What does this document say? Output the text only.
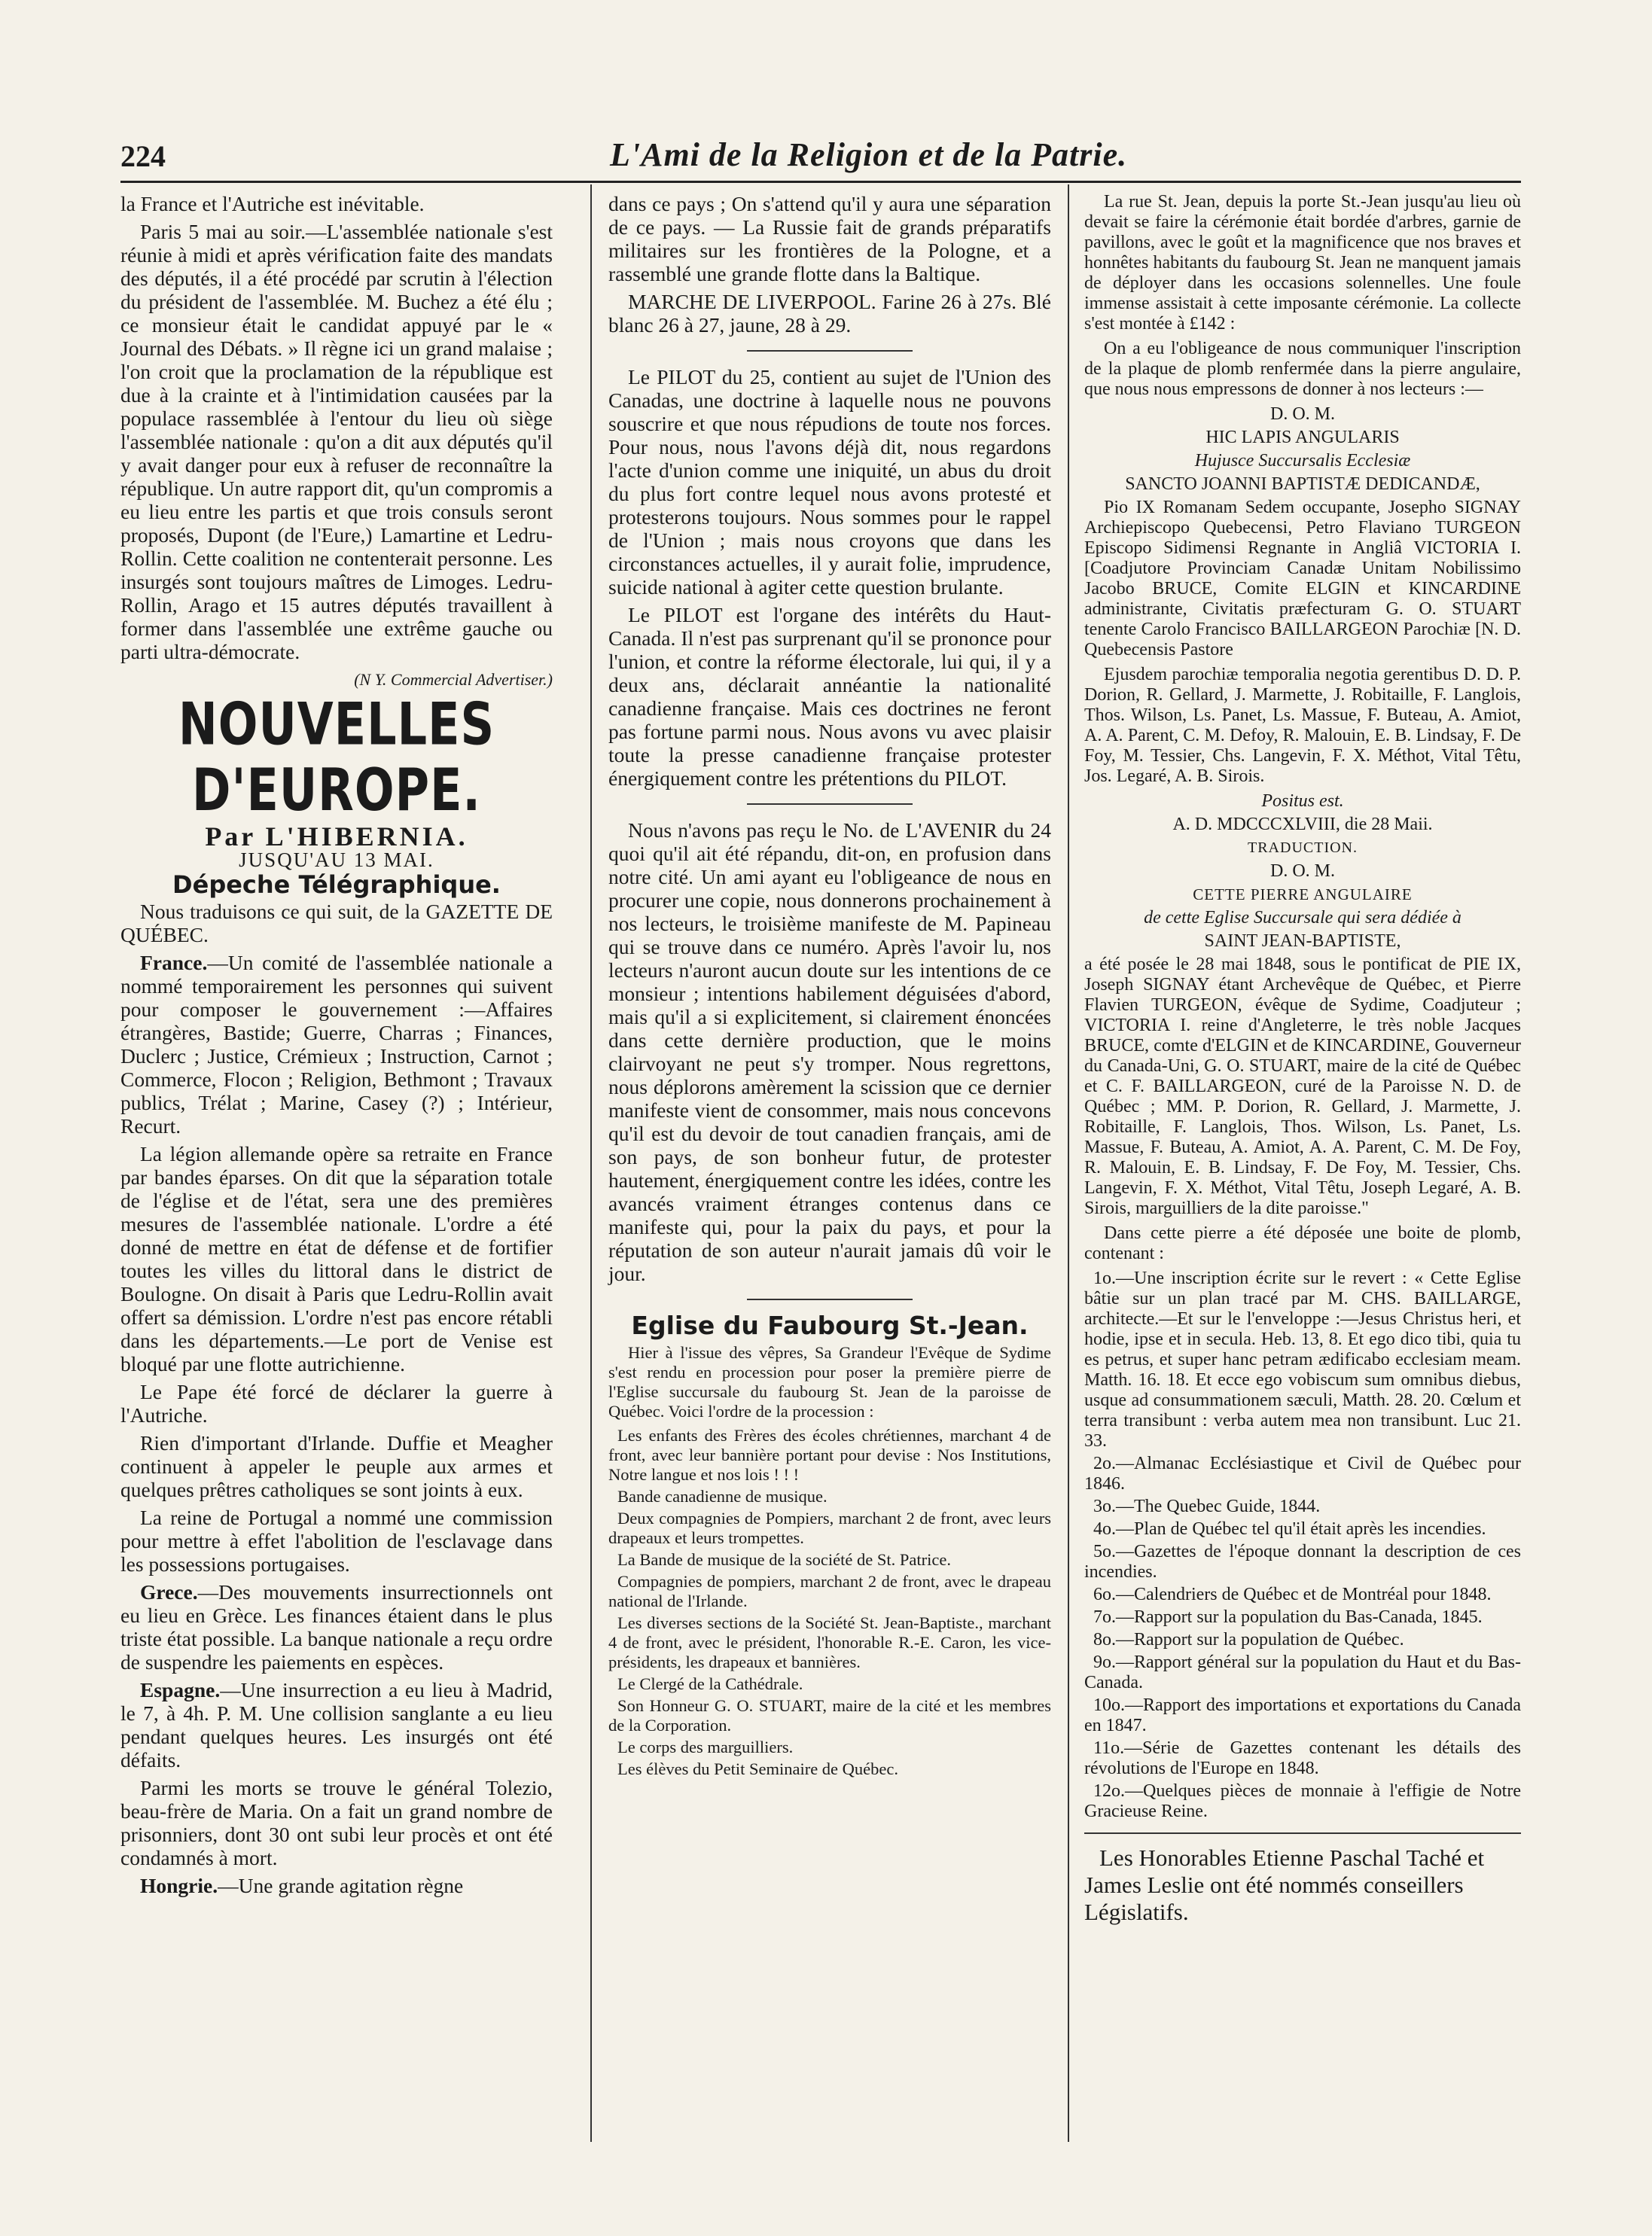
224	L'Ami de la Religion et de la Patrie.

la France et l'Autriche est inévitable.

Paris 5 mai au soir.—L'assemblée nationale s'est réunie à midi et après vérification faite des mandats des députés, il a été procédé par scrutin à l'élection du président de l'assemblée. M. Buchez a été élu ; ce monsieur était le candidat appuyé par le « Journal des Débats. » Il règne ici un grand malaise ; l'on croit que la proclamation de la république est due à la crainte et à l'intimidation causées par la populace rassemblée à l'entour du lieu où siège l'assemblée nationale : qu'on a dit aux députés qu'il y avait danger pour eux à refuser de reconnaître la république. Un autre rapport dit, qu'un compromis a eu lieu entre les partis et que trois consuls seront proposés, Dupont (de l'Eure,) Lamartine et Ledru-Rollin. Cette coalition ne contenterait personne. Les insurgés sont toujours maîtres de Limoges. Ledru-Rollin, Arago et 15 autres députés travaillent à former dans l'assemblée une extrême gauche ou parti ultra-démocrate.

(N Y. Commercial Advertiser.)
NOUVELLES D'EUROPE.
Par L'HIBERNIA.
JUSQU'AU 13 MAI.
Dépeche Télégraphique.

Nous traduisons ce qui suit, de la GAZETTE DE QUÉBEC.

France.—Un comité de l'assemblée nationale a nommé temporairement les personnes qui suivent pour composer le gouvernement :—Affaires étrangères, Bastide; Guerre, Charras ; Finances, Duclerc ; Justice, Crémieux ; Instruction, Carnot ; Commerce, Flocon ; Religion, Bethmont ; Travaux publics, Trélat ; Marine, Casey (?) ; Intérieur, Recurt.

La légion allemande opère sa retraite en France par bandes éparses. On dit que la séparation totale de l'église et de l'état, sera une des premières mesures de l'assemblée nationale. L'ordre a été donné de mettre en état de défense et de fortifier toutes les villes du littoral dans le district de Boulogne. On disait à Paris que Ledru-Rollin avait offert sa démission. L'ordre n'est pas encore rétabli dans les départements.—Le port de Venise est bloqué par une flotte autrichienne.

Le Pape été forcé de déclarer la guerre à l'Autriche.

Rien d'important d'Irlande. Duffie et Meagher continuent à appeler le peuple aux armes et quelques prêtres catholiques se sont joints à eux.

La reine de Portugal a nommé une commission pour mettre à effet l'abolition de l'esclavage dans les possessions portugaises.

Grece.—Des mouvements insurrectionnels ont eu lieu en Grèce. Les finances étaient dans le plus triste état possible. La banque nationale a reçu ordre de suspendre les paiements en espèces.

Espagne.—Une insurrection a eu lieu à Madrid, le 7, à 4h. P. M. Une collision sanglante a eu lieu pendant quelques heures. Les insurgés ont été défaits.

Parmi les morts se trouve le général Tolezio, beau-frère de Maria. On a fait un grand nombre de prisonniers, dont 30 ont subi leur procès et ont été condamnés à mort.

Hongrie.—Une grande agitation règne

dans ce pays ; On s'attend qu'il y aura une séparation de ce pays. — La Russie fait de grands préparatifs militaires sur les frontières de la Pologne, et a rassemblé une grande flotte dans la Baltique.

MARCHE DE LIVERPOOL. Farine 26 à 27s. Blé blanc 26 à 27, jaune, 28 à 29.

Le PILOT du 25, contient au sujet de l'Union des Canadas, une doctrine à laquelle nous ne pouvons souscrire et que nous répudions de toute nos forces. Pour nous, nous l'avons déjà dit, nous regardons l'acte d'union comme une iniquité, un abus du droit du plus fort contre lequel nous avons protesté et protesterons toujours. Nous sommes pour le rappel de l'Union ; mais nous croyons que dans les circonstances actuelles, il y aurait folie, imprudence, suicide national à agiter cette question brulante.

Le PILOT est l'organe des intérêts du Haut-Canada. Il n'est pas surprenant qu'il se prononce pour l'union, et contre la réforme électorale, lui qui, il y a deux ans, déclarait annéantie la nationalité canadienne française. Mais ces doctrines ne feront pas fortune parmi nous. Nous avons vu avec plaisir toute la presse canadienne française protester énergiquement contre les prétentions du PILOT.

Nous n'avons pas reçu le No. de L'AVENIR du 24 quoi qu'il ait été répandu, dit-on, en profusion dans notre cité. Un ami ayant eu l'obligeance de nous en procurer une copie, nous donnerons prochainement à nos lecteurs, le troisième manifeste de M. Papineau qui se trouve dans ce numéro. Après l'avoir lu, nos lecteurs n'auront aucun doute sur les intentions de ce monsieur ; intentions habilement déguisées d'abord, mais qu'il a si explicitement, si clairement énoncées dans cette dernière production, que le moins clairvoyant ne peut s'y tromper. Nous regrettons, nous déplorons amèrement la scission que ce dernier manifeste vient de consommer, mais nous concevons qu'il est du devoir de tout canadien français, ami de son pays, de son bonheur futur, de protester hautement, énergiquement contre les idées, contre les avancés vraiment étranges contenus dans ce manifeste qui, pour la paix du pays, et pour la réputation de son auteur n'aurait jamais dû voir le jour.

Eglise du Faubourg St.-Jean.

Hier à l'issue des vêpres, Sa Grandeur l'Evêque de Sydime s'est rendu en procession pour poser la première pierre de l'Eglise succursale du faubourg St. Jean de la paroisse de Québec. Voici l'ordre de la procession :

Les enfants des Frères des écoles chrétiennes, marchant 4 de front, avec leur bannière portant pour devise : Nos Institutions, Notre langue et nos lois ! ! !

Bande canadienne de musique.

Deux compagnies de Pompiers, marchant 2 de front, avec leurs drapeaux et leurs trompettes.

La Bande de musique de la société de St. Patrice.

Compagnies de pompiers, marchant 2 de front, avec le drapeau national de l'Irlande.

Les diverses sections de la Société St. Jean-Baptiste., marchant 4 de front, avec le président, l'honorable R.-E. Caron, les vice-présidents, les drapeaux et bannières.

Le Clergé de la Cathédrale.

Son Honneur G. O. STUART, maire de la cité et les membres de la Corporation.

Le corps des marguilliers.

Les élèves du Petit Seminaire de Québec.

La rue St. Jean, depuis la porte St.-Jean jusqu'au lieu où devait se faire la cérémonie était bordée d'arbres, garnie de pavillons, avec le goût et la magnificence que nos braves et honnêtes habitants du faubourg St. Jean ne manquent jamais de déployer dans les occasions solennelles. Une foule immense assistait à cette imposante cérémonie. La collecte s'est montée à £142 :

On a eu l'obligeance de nous communiquer l'inscription de la plaque de plomb renfermée dans la pierre angulaire, que nous nous empressons de donner à nos lecteurs :—

D. O. M.

HIC LAPIS ANGULARIS

Hujusce Succursalis Ecclesiæ

SANCTO JOANNI BAPTISTÆ DEDICANDÆ,

Pio IX Romanam Sedem occupante, Josepho SIGNAY Archiepiscopo Quebecensi, Petro Flaviano TURGEON Episcopo Sidimensi Regnante in Angliâ VICTORIA I. [Coadjutore Provinciam Canadæ Unitam Nobilissimo Jacobo BRUCE, Comite ELGIN et KINCARDINE administrante, Civitatis præfecturam G. O. STUART tenente Carolo Francisco BAILLARGEON Parochiæ [N. D. Quebecensis Pastore

Ejusdem parochiæ temporalia negotia gerentibus D. D. P. Dorion, R. Gellard, J. Marmette, J. Robitaille, F. Langlois, Thos. Wilson, Ls. Panet, Ls. Massue, F. Buteau, A. Amiot, A. A. Parent, C. M. Defoy, R. Malouin, E. B. Lindsay, F. De Foy, M. Tessier, Chs. Langevin, F. X. Méthot, Vital Têtu, Jos. Legaré, A. B. Sirois.

Positus est.

A. D. MDCCCXLVIII, die 28 Maii.

TRADUCTION.

D. O. M.

CETTE PIERRE ANGULAIRE

de cette Eglise Succursale qui sera dédiée à

SAINT JEAN-BAPTISTE,

a été posée le 28 mai 1848, sous le pontificat de PIE IX, Joseph SIGNAY étant Archevêque de Québec, et Pierre Flavien TURGEON, évêque de Sydime, Coadjuteur ; VICTORIA I. reine d'Angleterre, le très noble Jacques BRUCE, comte d'ELGIN et de KINCARDINE, Gouverneur du Canada-Uni, G. O. STUART, maire de la cité de Québec et C. F. BAILLARGEON, curé de la Paroisse N. D. de Québec ; MM. P. Dorion, R. Gellard, J. Marmette, J. Robitaille, F. Langlois, Thos. Wilson, Ls. Panet, Ls. Massue, F. Buteau, A. Amiot, A. A. Parent, C. M. De Foy, R. Malouin, E. B. Lindsay, F. De Foy, M. Tessier, Chs. Langevin, F. X. Méthot, Vital Têtu, Joseph Legaré, A. B. Sirois, marguilliers de la dite paroisse."

Dans cette pierre a été déposée une boite de plomb, contenant :

1o.—Une inscription écrite sur le revert : « Cette Eglise bâtie sur un plan tracé par M. CHS. BAILLARGE, architecte.—Et sur le l'enveloppe :—Jesus Christus heri, et hodie, ipse et in secula. Heb. 13, 8. Et ego dico tibi, quia tu es petrus, et super hanc petram ædificabo ecclesiam meam. Matth. 16. 18. Et ecce ego vobiscum sum omnibus diebus, usque ad consummationem sæculi, Matth. 28. 20. Cœlum et terra transibunt : verba autem mea non transibunt. Luc 21. 33.

2o.—Almanac Ecclésiastique et Civil de Québec pour 1846.

3o.—The Quebec Guide, 1844.

4o.—Plan de Québec tel qu'il était après les incendies.

5o.—Gazettes de l'époque donnant la description de ces incendies.

6o.—Calendriers de Québec et de Montréal pour 1848.

7o.—Rapport sur la population du Bas-Canada, 1845.

8o.—Rapport sur la population de Québec.

9o.—Rapport général sur la population du Haut et du Bas-Canada.

10o.—Rapport des importations et exportations du Canada en 1847.

11o.—Série de Gazettes contenant les détails des révolutions de l'Europe en 1848.

12o.—Quelques pièces de monnaie à l'effigie de Notre Gracieuse Reine.

Les Honorables Etienne Paschal Taché et James Leslie ont été nommés conseillers Législatifs.
